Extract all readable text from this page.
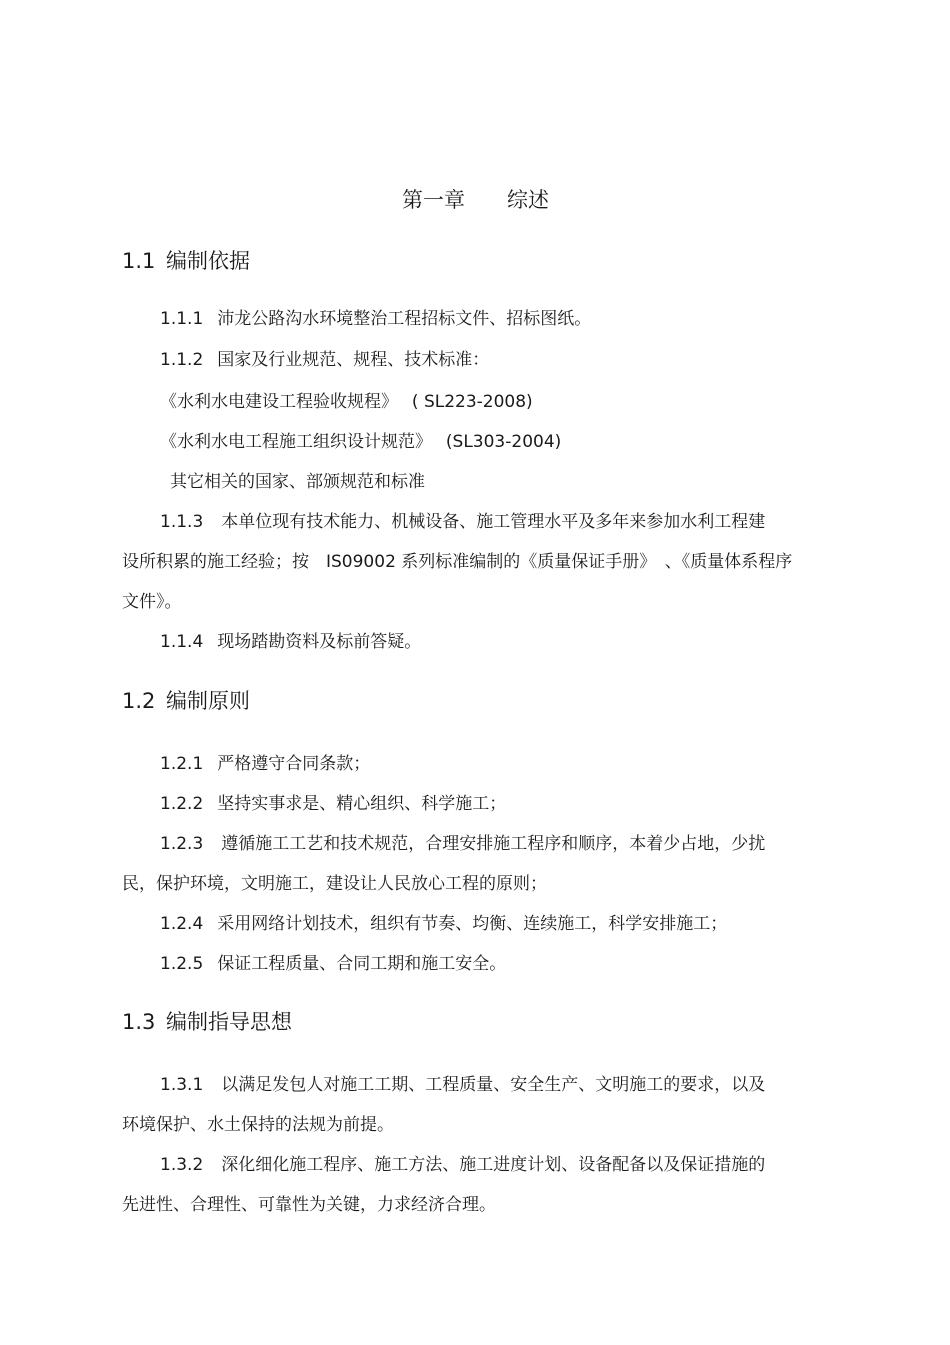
第一章　　综述
1.1 编制依据
1.1.1 沛龙公路沟水环境整治工程招标文件、招标图纸。
1.1.2 国家及行业规范、规程、技术标准：
《水利水电建设工程验收规程》　 ( SL223-2008)
《水利水电工程施工组织设计规范》　 (SL303-2004)
其它相关的国家、部颁规范和标准
1.1.3 本单位现有技术能力、机械设备、施工管理水平及多年来参加水利工程建
设所积累的施工经验；按　IS09002 系列标准编制的《质量保证手册》　、《质量体系程序
文件》。
1.1.4 现场踏勘资料及标前答疑。
1.2 编制原则
1.2.1 严格遵守合同条款；
1.2.2 坚持实事求是、精心组织、科学施工；
1.2.3 遵循施工工艺和技术规范，合理安排施工程序和顺序，本着少占地，少扰
民，保护环境，文明施工，建设让人民放心工程的原则；
1.2.4 采用网络计划技术，组织有节奏、均衡、连续施工，科学安排施工；
1.2.5 保证工程质量、合同工期和施工安全。
1.3 编制指导思想
1.3.1 以满足发包人对施工工期、工程质量、安全生产、文明施工的要求，以及
环境保护、水土保持的法规为前提。
1.3.2 深化细化施工程序、施工方法、施工进度计划、设备配备以及保证措施的
先进性、合理性、可靠性为关键，力求经济合理。
